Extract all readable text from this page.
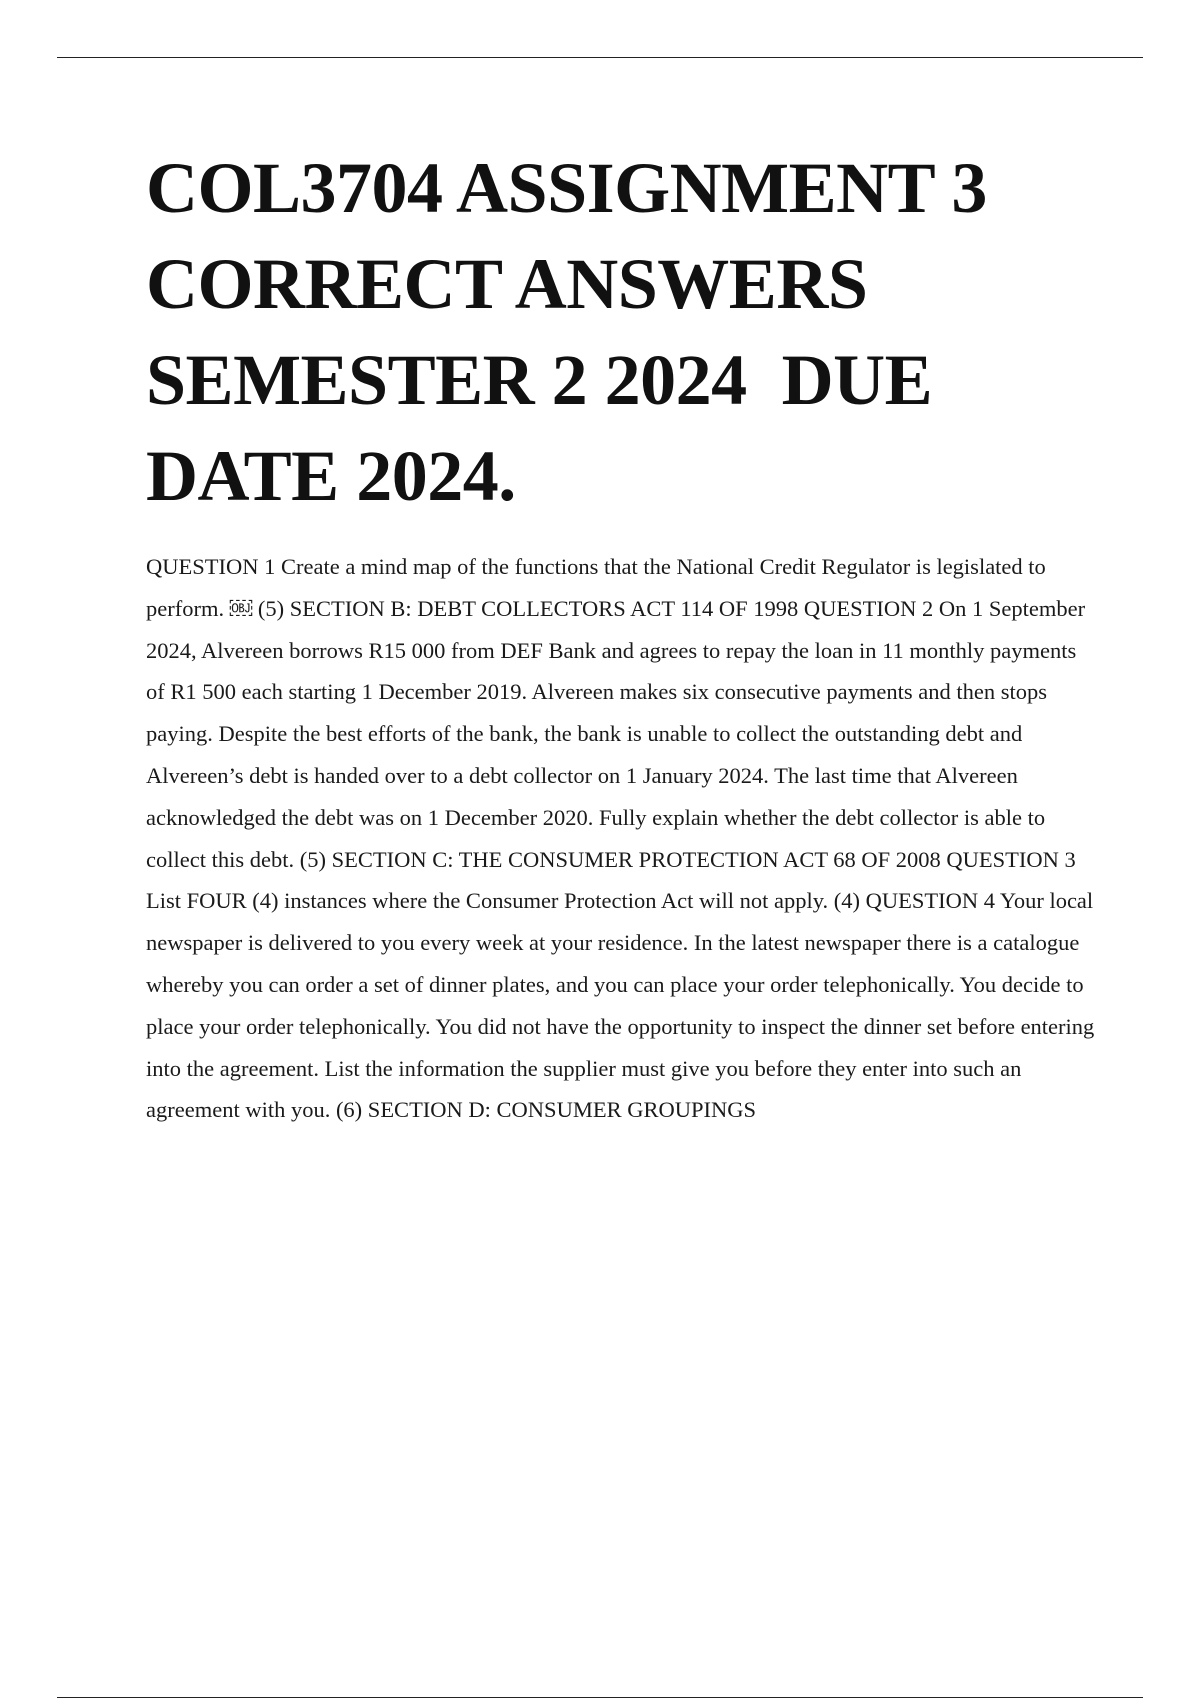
COL3704 ASSIGNMENT 3 CORRECT ANSWERS SEMESTER 2 2024  DUE DATE 2024.

QUESTION 1 Create a mind map of the functions that the National Credit Regulator is legislated to perform. ￼ (5) SECTION B: DEBT COLLECTORS ACT 114 OF 1998 QUESTION 2 On 1 September 2024, Alvereen borrows R15 000 from DEF Bank and agrees to repay the loan in 11 monthly payments of R1 500 each starting 1 December 2019. Alvereen makes six consecutive payments and then stops paying. Despite the best efforts of the bank, the bank is unable to collect the outstanding debt and Alvereen’s debt is handed over to a debt collector on 1 January 2024. The last time that Alvereen acknowledged the debt was on 1 December 2020. Fully explain whether the debt collector is able to collect this debt. (5) SECTION C: THE CONSUMER PROTECTION ACT 68 OF 2008 QUESTION 3 List FOUR (4) instances where the Consumer Protection Act will not apply. (4) QUESTION 4 Your local newspaper is delivered to you every week at your residence. In the latest newspaper there is a catalogue whereby you can order a set of dinner plates, and you can place your order telephonically. You decide to place your order telephonically. You did not have the opportunity to inspect the dinner set before entering into the agreement. List the information the supplier must give you before they enter into such an agreement with you. (6) SECTION D: CONSUMER GROUPINGS
